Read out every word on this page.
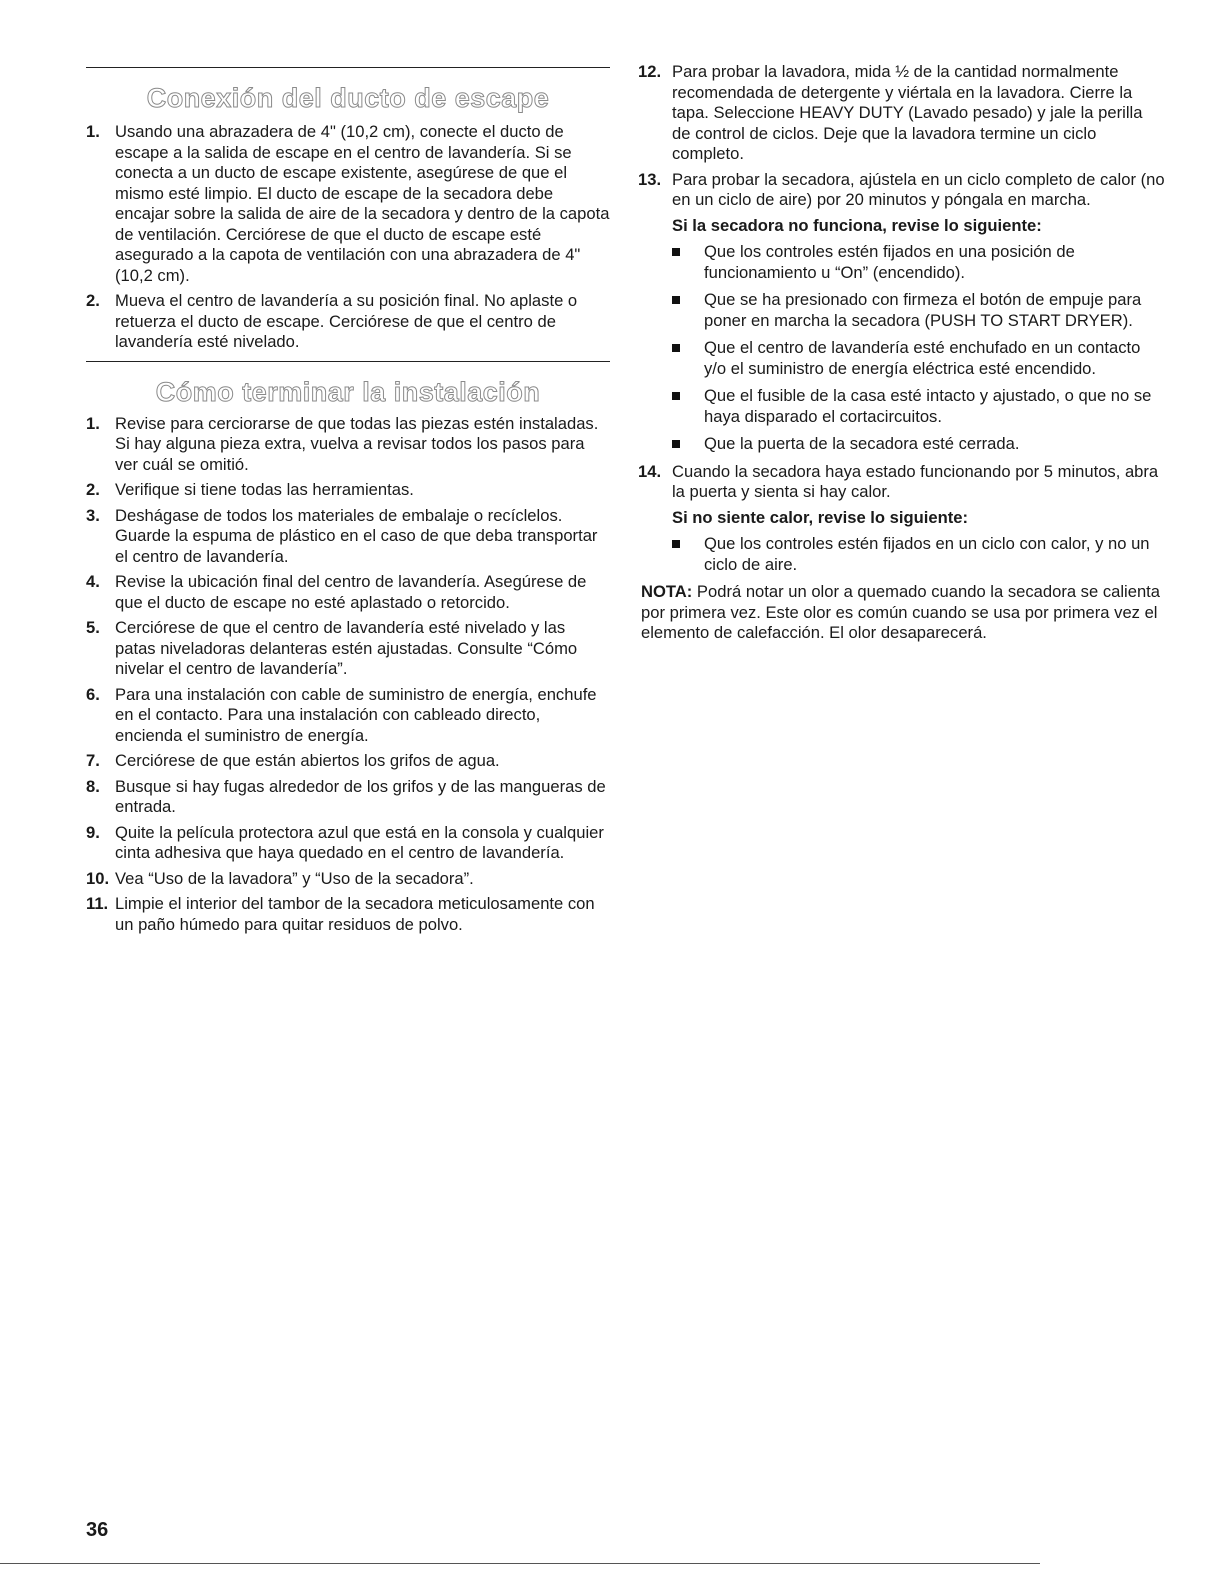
Conexión del ducto de escape
1. Usando una abrazadera de 4" (10,2 cm), conecte el ducto de escape a la salida de escape en el centro de lavandería. Si se conecta a un ducto de escape existente, asegúrese de que el mismo esté limpio. El ducto de escape de la secadora debe encajar sobre la salida de aire de la secadora y dentro de la capota de ventilación. Cerciórese de que el ducto de escape esté asegurado a la capota de ventilación con una abrazadera de 4" (10,2 cm).
2. Mueva el centro de lavandería a su posición final. No aplaste o retuerza el ducto de escape. Cerciórese de que el centro de lavandería esté nivelado.
Cómo terminar la instalación
1. Revise para cerciorarse de que todas las piezas estén instaladas. Si hay alguna pieza extra, vuelva a revisar todos los pasos para ver cuál se omitió.
2. Verifique si tiene todas las herramientas.
3. Deshágase de todos los materiales de embalaje o recíclelos. Guarde la espuma de plástico en el caso de que deba transportar el centro de lavandería.
4. Revise la ubicación final del centro de lavandería. Asegúrese de que el ducto de escape no esté aplastado o retorcido.
5. Cerciórese de que el centro de lavandería esté nivelado y las patas niveladoras delanteras estén ajustadas. Consulte “Cómo nivelar el centro de lavandería”.
6. Para una instalación con cable de suministro de energía, enchufe en el contacto. Para una instalación con cableado directo, encienda el suministro de energía.
7. Cerciórese de que están abiertos los grifos de agua.
8. Busque si hay fugas alrededor de los grifos y de las mangueras de entrada.
9. Quite la película protectora azul que está en la consola y cualquier cinta adhesiva que haya quedado en el centro de lavandería.
10. Vea “Uso de la lavadora” y “Uso de la secadora”.
11. Limpie el interior del tambor de la secadora meticulosamente con un paño húmedo para quitar residuos de polvo.
12. Para probar la lavadora, mida ½ de la cantidad normalmente recomendada de detergente y viértala en la lavadora. Cierre la tapa. Seleccione HEAVY DUTY (Lavado pesado) y jale la perilla de control de ciclos. Deje que la lavadora termine un ciclo completo.
13. Para probar la secadora, ajústela en un ciclo completo de calor (no en un ciclo de aire) por 20 minutos y póngala en marcha.
Si la secadora no funciona, revise lo siguiente:
Que los controles estén fijados en una posición de funcionamiento u “On” (encendido).
Que se ha presionado con firmeza el botón de empuje para poner en marcha la secadora (PUSH TO START DRYER).
Que el centro de lavandería esté enchufado en un contacto y/o el suministro de energía eléctrica esté encendido.
Que el fusible de la casa esté intacto y ajustado, o que no se haya disparado el cortacircuitos.
Que la puerta de la secadora esté cerrada.
14. Cuando la secadora haya estado funcionando por 5 minutos, abra la puerta y sienta si hay calor.
Si no siente calor, revise lo siguiente:
Que los controles estén fijados en un ciclo con calor, y no un ciclo de aire.

NOTA: Podrá notar un olor a quemado cuando la secadora se calienta por primera vez. Este olor es común cuando se usa por primera vez el elemento de calefacción. El olor desaparecerá.

36
